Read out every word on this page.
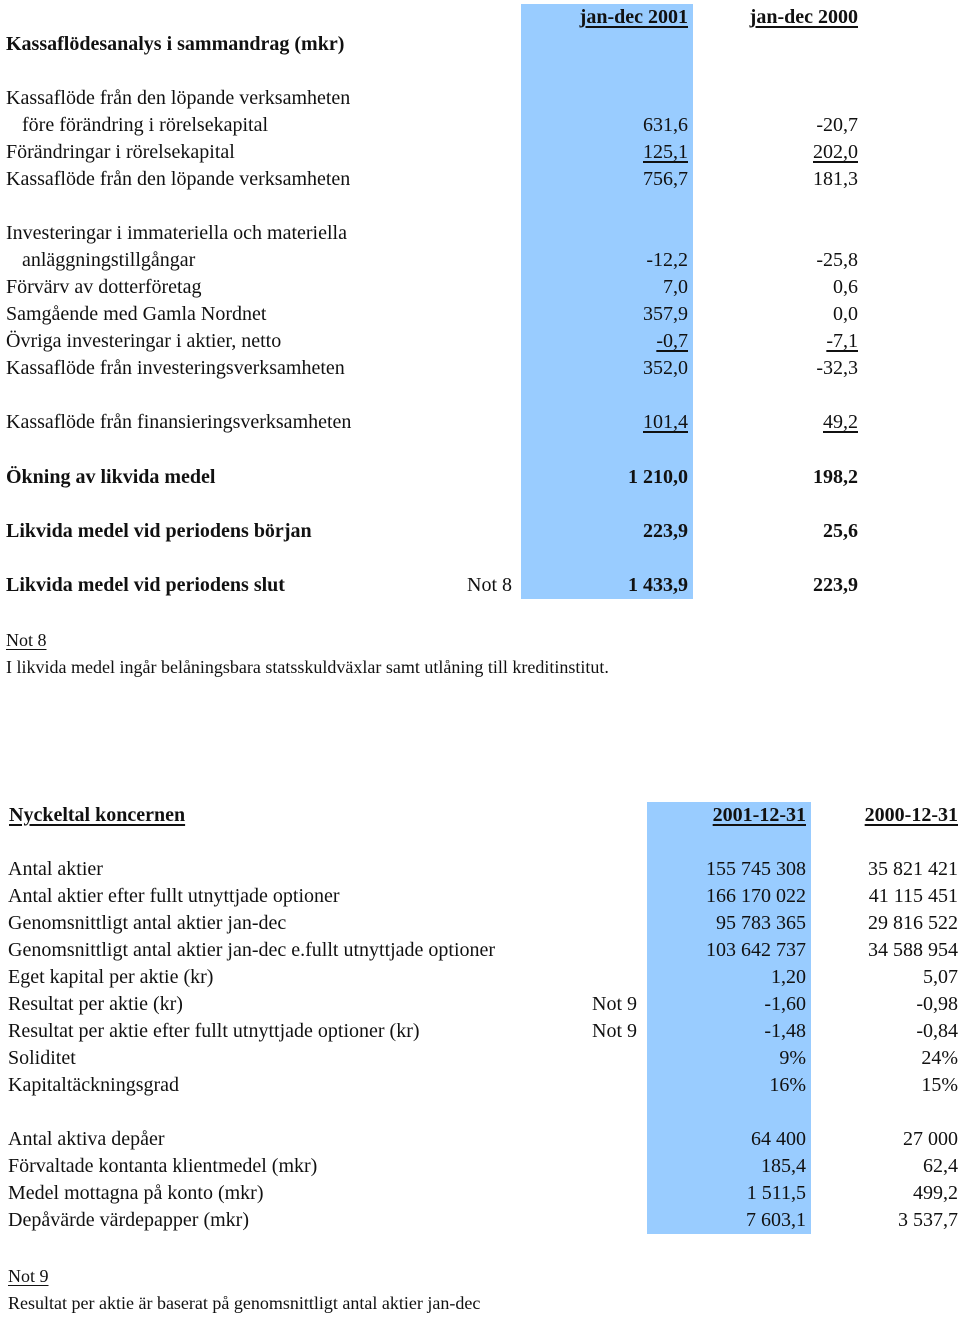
Kassaflödesanalys i sammandrag (mkr)
jan-dec 2001	jan-dec 2000
Kassaflöde från den löpande verksamheten
före förändring i rörelsekapital	631,6	-20,7
Förändringar i rörelsekapital	125,1	202,0
Kassaflöde från den löpande verksamheten	756,7	181,3
Investeringar i immateriella och materiella
anläggningstillgångar	-12,2	-25,8
Förvärv av dotterföretag	7,0	0,6
Samgående med Gamla Nordnet	357,9	0,0
Övriga investeringar i aktier, netto	-0,7	-7,1
Kassaflöde från investeringsverksamheten	352,0	-32,3
Kassaflöde från finansieringsverksamheten	101,4	49,2
Ökning av likvida medel	1 210,0	198,2
Likvida medel vid periodens början	223,9	25,6
Likvida medel vid periodens slut	Not 8	1 433,9	223,9
Not 8
I likvida medel ingår belåningsbara statsskuldväxlar samt utlåning till kreditinstitut.
Nyckeltal koncernen	2001-12-31	2000-12-31
Antal aktier	155 745 308	35 821 421
Antal aktier efter fullt utnyttjade optioner	166 170 022	41 115 451
Genomsnittligt antal aktier jan-dec	95 783 365	29 816 522
Genomsnittligt antal aktier jan-dec e.fullt utnyttjade optioner	103 642 737	34 588 954
Eget kapital per aktie (kr)	1,20	5,07
Resultat per aktie (kr)	Not 9	-1,60	-0,98
Resultat per aktie efter fullt utnyttjade optioner (kr)	Not 9	-1,48	-0,84
Soliditet	9%	24%
Kapitaltäckningsgrad	16%	15%
Antal aktiva depåer	64 400	27 000
Förvaltade kontanta klientmedel (mkr)	185,4	62,4
Medel mottagna på konto (mkr)	1 511,5	499,2
Depåvärde värdepapper (mkr)	7 603,1	3 537,7
Not 9
Resultat per aktie är baserat på genomsnittligt antal aktier jan-dec
